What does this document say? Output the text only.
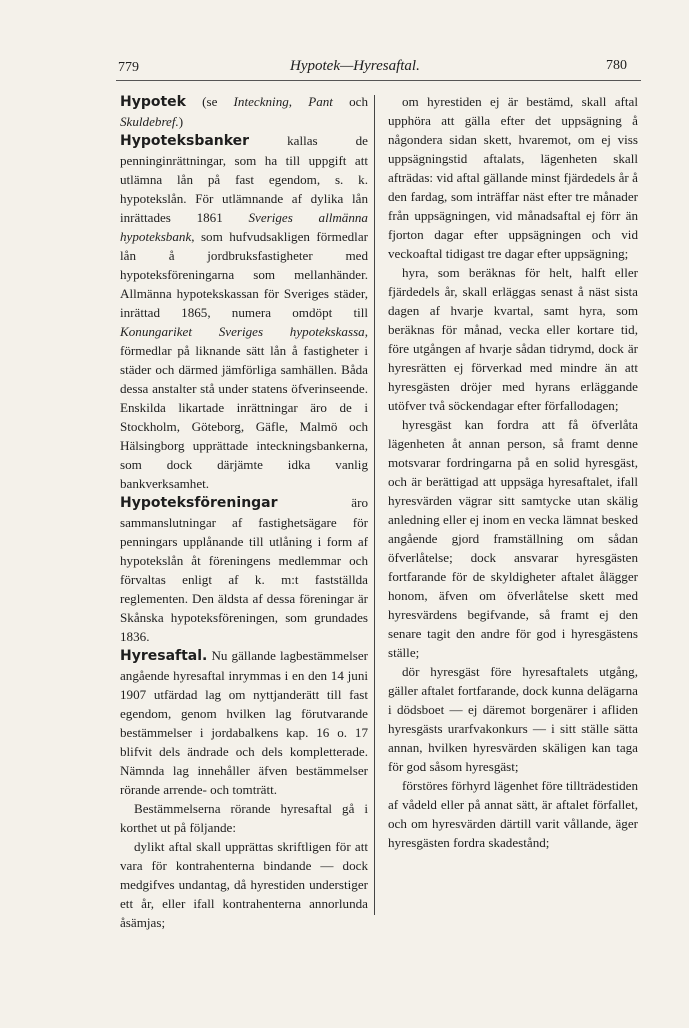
779	Hypotek—Hyresaftal.	780

Hypotek (se Inteckning, Pant och Skuldebref.)

Hypoteksbanker kallas de penninginrättningar, som ha till uppgift att utlämna lån på fast egendom, s. k. hypotekslån. För utlämnande af dylika lån inrättades 1861 Sveriges allmänna hypoteksbank, som hufvudsakligen förmedlar lån å jordbruksfastigheter med hypoteksföreningarna som mellanhänder. Allmänna hypotekskassan för Sveriges städer, inrättad 1865, numera omdöpt till Konungariket Sveriges hypotekskassa, förmedlar på liknande sätt lån å fastigheter i städer och därmed jämförliga samhällen. Båda dessa anstalter stå under statens öfverinseende. Enskilda likartade inrättningar äro de i Stockholm, Göteborg, Gäfle, Malmö och Hälsingborg upprättade inteckningsbankerna, som dock därjämte idka vanlig bankverksamhet.

Hypoteksföreningar äro sammanslutningar af fastighetsägare för penningars upplånande till utlåning i form af hypotekslån åt föreningens medlemmar och förvaltas enligt af k. m:t fastställda reglementen. Den äldsta af dessa föreningar är Skånska hypoteksföreningen, som grundades 1836.

Hyresaftal. Nu gällande lagbestämmelser angående hyresaftal inrymmas i en den 14 juni 1907 utfärdad lag om nyttjanderätt till fast egendom, genom hvilken lag förutvarande bestämmelser i jordabalkens kap. 16 o. 17 blifvit dels ändrade och dels kompletterade. Nämnda lag innehåller äfven bestämmelser rörande arrende- och tomträtt.

Bestämmelserna rörande hyresaftal gå i korthet ut på följande:

dylikt aftal skall upprättas skriftligen för att vara för kontrahenterna bindande — dock medgifves undantag, då hyrestiden understiger ett år, eller ifall kontrahenterna annorlunda åsämjas;

om hyrestiden ej är bestämd, skall aftal upphöra att gälla efter det uppsägning å någondera sidan skett, hvaremot, om ej viss uppsägningstid aftalats, lägenheten skall afträdas: vid aftal gällande minst fjärdedels år å den fardag, som inträffar näst efter tre månader från uppsägningen, vid månadsaftal ej förr än fjorton dagar efter uppsägningen och vid veckoaftal tidigast tre dagar efter uppsägning;

hyra, som beräknas för helt, halft eller fjärdedels år, skall erläggas senast å näst sista dagen af hvarje kvartal, samt hyra, som beräknas för månad, vecka eller kortare tid, före utgången af hvarje sådan tidrymd, dock är hyresrätten ej förverkad med mindre än att hyresgästen dröjer med hyrans erläggande utöfver två söckendagar efter förfallodagen;

hyresgäst kan fordra att få öfverlåta lägenheten åt annan person, så framt denne motsvarar fordringarna på en solid hyresgäst, och är berättigad att uppsäga hyresaftalet, ifall hyresvärden vägrar sitt samtycke utan skälig anledning eller ej inom en vecka lämnat besked angående gjord framställning om sådan öfverlåtelse; dock ansvarar hyresgästen fortfarande för de skyldigheter aftalet ålägger honom, äfven om öfverlåtelse skett med hyresvärdens begifvande, så framt ej den senare tagit den andre för god i hyresgästens ställe;

dör hyresgäst före hyresaftalets utgång, gäller aftalet fortfarande, dock kunna delägarna i dödsboet — ej däremot borgenärer i afliden hyresgästs urarfvakonkurs — i sitt ställe sätta annan, hvilken hyresvärden skäligen kan taga för god såsom hyresgäst;

förstöres förhyrd lägenhet före tillträdestiden af vådeld eller på annat sätt, är aftalet förfallet, och om hyresvärden därtill varit vållande, äger hyresgästen fordra skadestånd;
